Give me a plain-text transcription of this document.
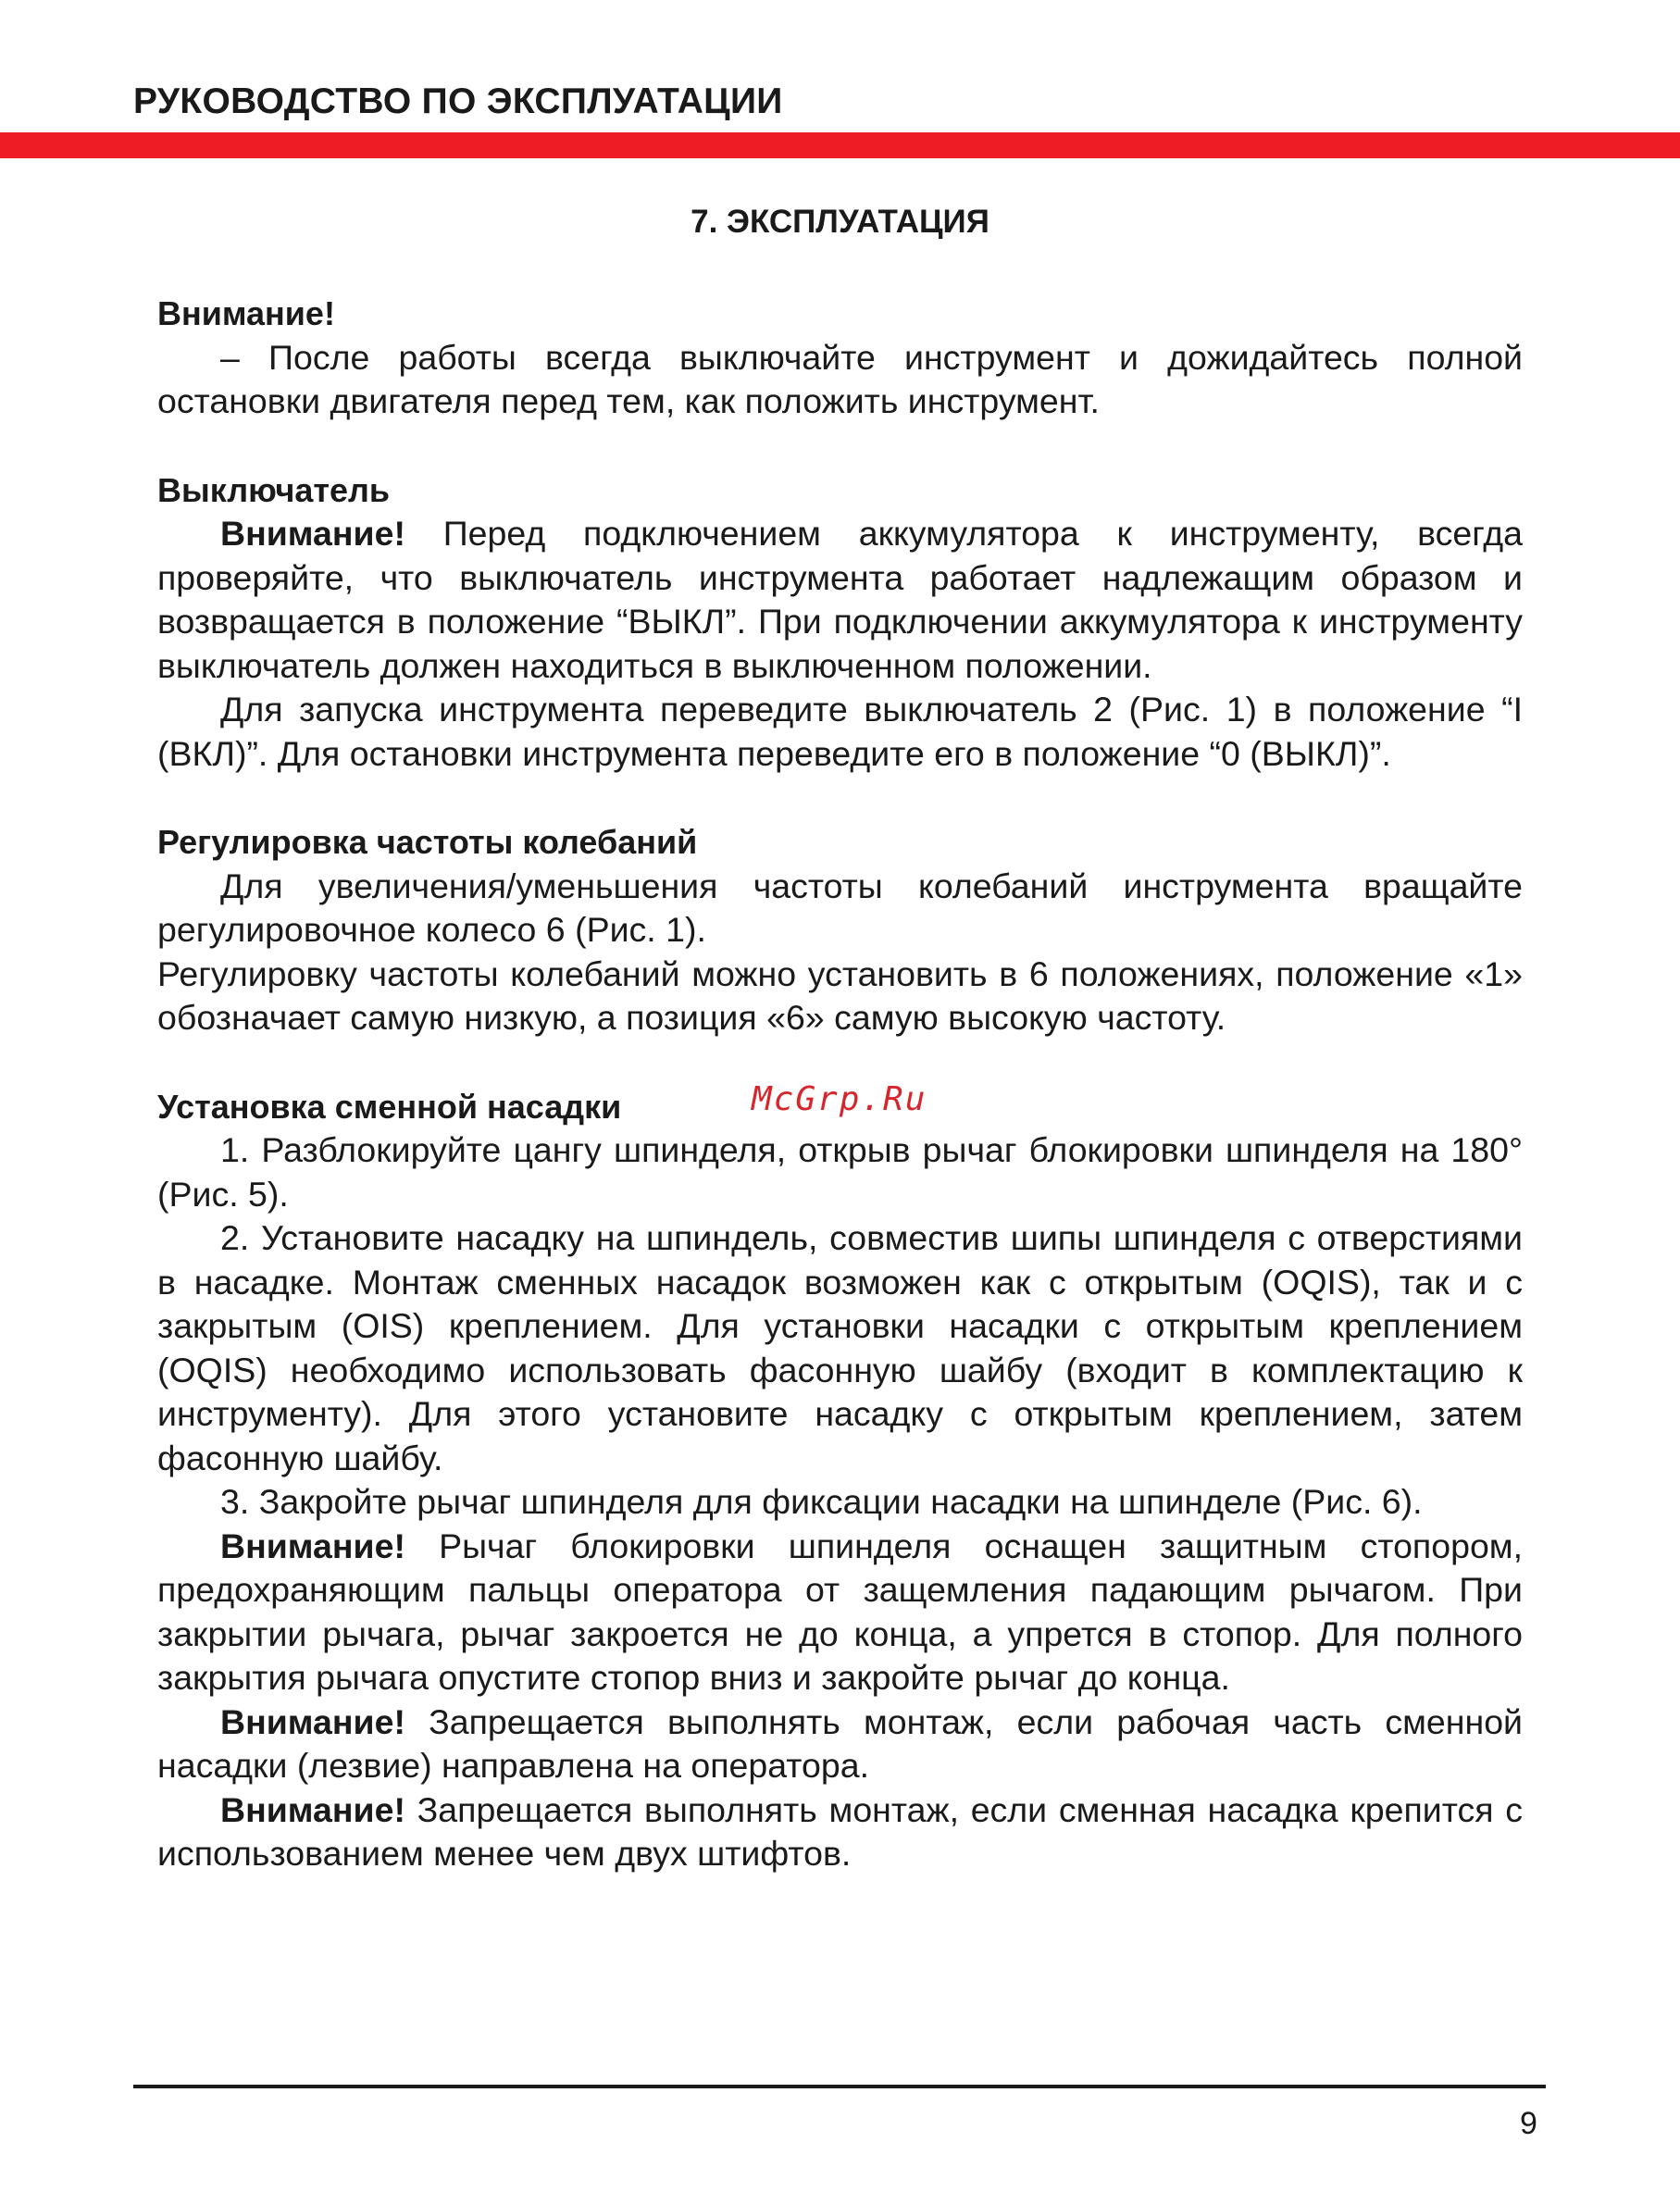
РУКОВОДСТВО ПО ЭКСПЛУАТАЦИИ
7. ЭКСПЛУАТАЦИЯ
Внимание!

– После работы всегда выключайте инструмент и дожидайтесь полной остановки двигателя перед тем, как положить инструмент.

Выключатель

Внимание! Перед подключением аккумулятора к инструменту, всегда проверяйте, что выключатель инструмента работает надлежащим образом и возвращается в положение “ВЫКЛ”. При подключении аккумулятора к инструменту выключатель должен находиться в выключенном положении.

Для запуска инструмента переведите выключатель 2 (Рис. 1) в положение “I (ВКЛ)”. Для остановки инструмента переведите его в положение “0 (ВЫКЛ)”.

Регулировка частоты колебаний

Для увеличения/уменьшения частоты колебаний инструмента вращайте регулировочное колесо 6 (Рис. 1).

Регулировку частоты колебаний можно установить в 6 положениях, положение «1» обозначает самую низкую, а позиция «6» самую высокую частоту.

Установка сменной насадки

1. Разблокируйте цангу шпинделя, открыв рычаг блокировки шпинделя на 180°(Рис. 5).

2. Установите насадку на шпиндель, совместив шипы шпинделя с отверстиями в насадке. Монтаж сменных насадок возможен как с открытым (OQIS), так и с закрытым (OIS) креплением. Для установки насадки с открытым креплением (OQIS) необходимо использовать фасонную шайбу (входит в комплектацию к инструменту). Для этого установите насадку с открытым креплением, затем фасонную шайбу.

3. Закройте рычаг шпинделя для фиксации насадки на шпинделе (Рис. 6).

Внимание! Рычаг блокировки шпинделя оснащен защитным стопором, предохраняющим пальцы оператора от защемления падающим рычагом. При закрытии рычага, рычаг закроется не до конца, а упрется в стопор. Для полного закрытия рычага опустите стопор вниз и закройте рычаг до конца.

Внимание! Запрещается выполнять монтаж, если рабочая часть сменной насадки (лезвие) направлена на оператора.

Внимание! Запрещается выполнять монтаж, если сменная насадка крепится с использованием менее чем двух штифтов.

McGrp.Ru
9
